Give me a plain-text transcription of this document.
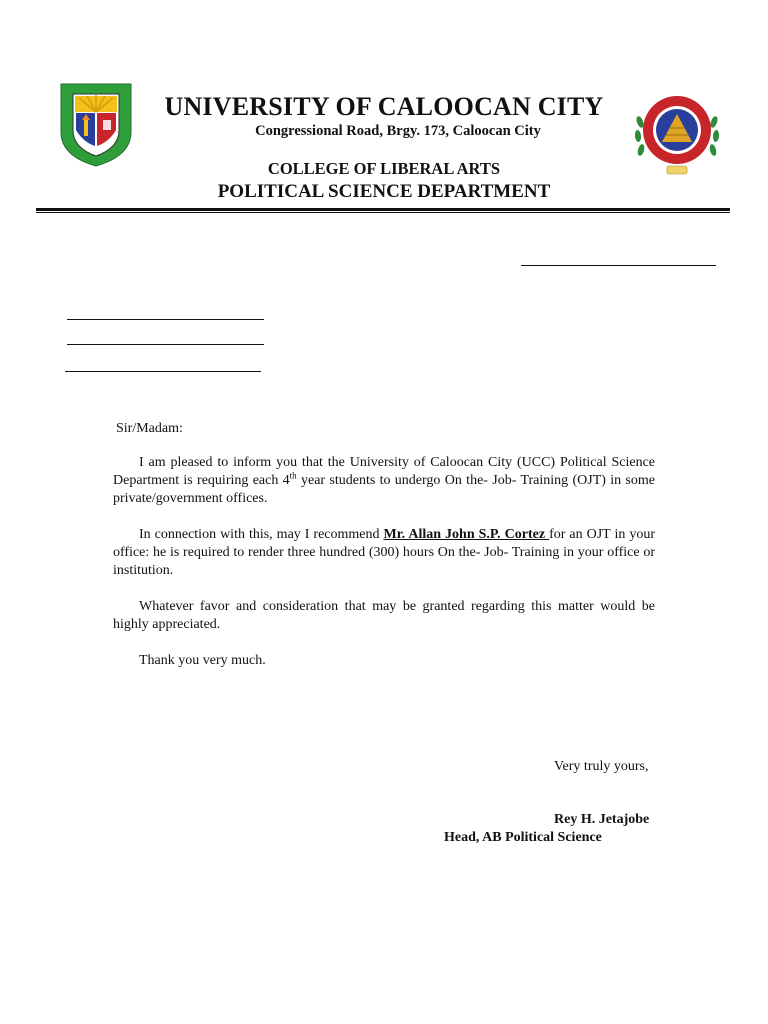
UNIVERSITY OF CALOOCAN CITY
Congressional Road, Brgy. 173, Caloocan City
COLLEGE OF LIBERAL ARTS
POLITICAL SCIENCE DEPARTMENT
Sir/Madam:
I am pleased to inform you that the University of Caloocan City (UCC) Political Science Department is requiring each 4th year students to undergo On the- Job- Training (OJT) in some private/government offices.
In connection with this, may I recommend Mr. Allan John S.P. Cortez for an OJT in your office: he is required to render three hundred (300) hours On the- Job- Training in your office or institution.
Whatever favor and consideration that may be granted regarding this matter would be highly appreciated.
Thank you very much.
Very truly yours,
Rey H. Jetajobe
Head, AB Political Science
